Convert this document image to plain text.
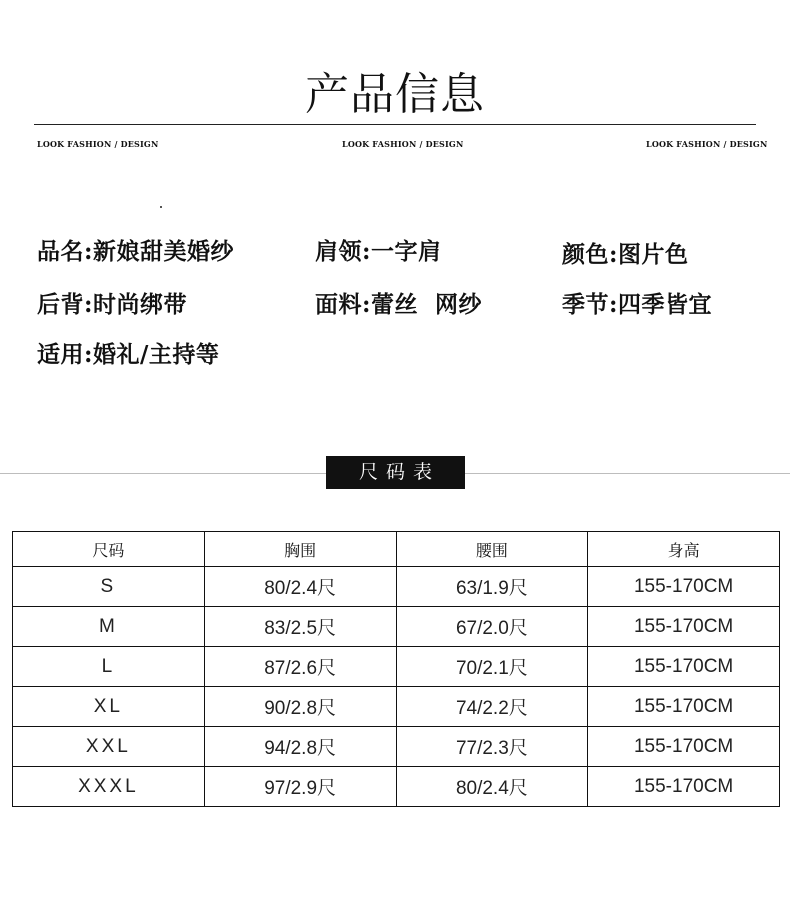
产品信息
LOOK FASHION / DESIGN	LOOK FASHION / DESIGN	LOOK FASHION / DESIGN
品名:新娘甜美婚纱	肩领:一字肩	颜色:图片色
后背:时尚绑带	面料:蕾丝  网纱	季节:四季皆宜
适用:婚礼/主持等
尺码表
尺码	胸围	腰围	身高
S	80/2.4尺	63/1.9尺	155-170CM
M	83/2.5尺	67/2.0尺	155-170CM
L	87/2.6尺	70/2.1尺	155-170CM
XL	90/2.8尺	74/2.2尺	155-170CM
XXL	94/2.8尺	77/2.3尺	155-170CM
XXXL	97/2.9尺	80/2.4尺	155-170CM
